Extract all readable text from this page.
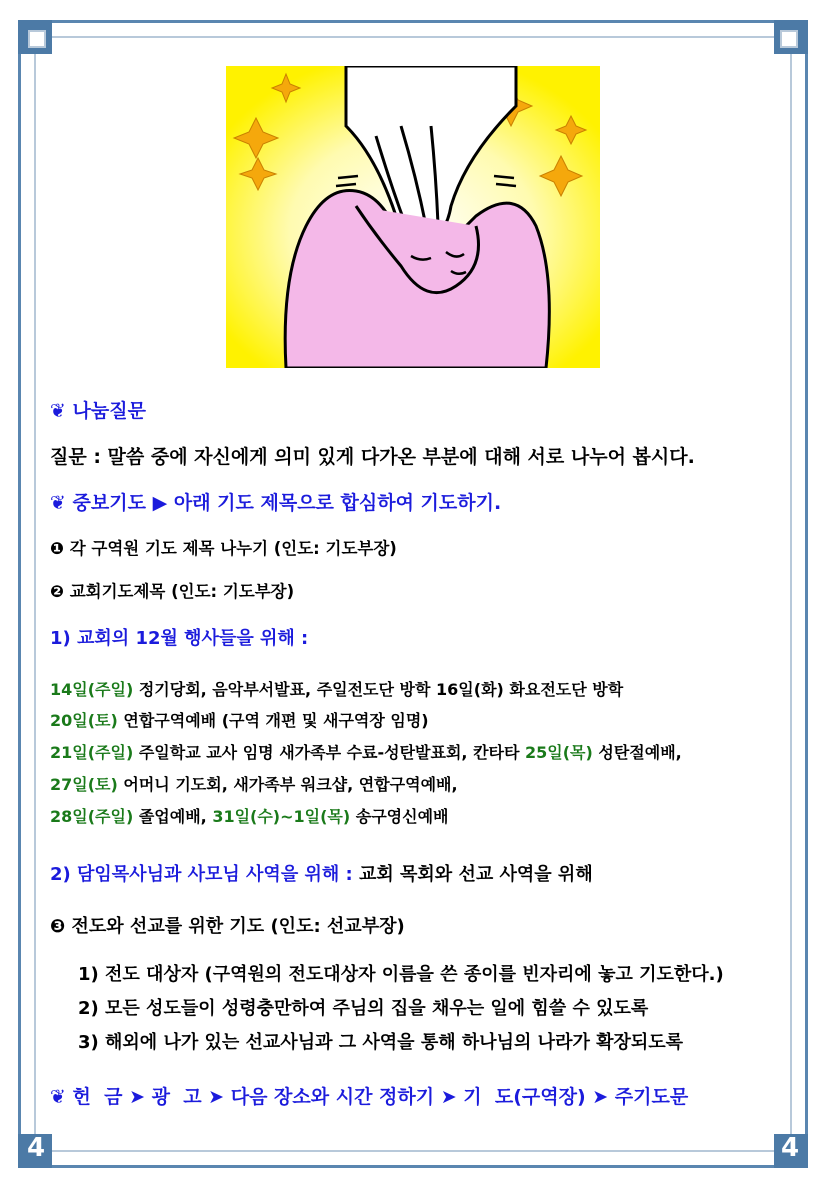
4	4
❦ 나눔질문
질문 : 말씀 중에 자신에게 의미 있게 다가온 부분에 대해 서로 나누어 봅시다.
❦ 중보기도 ▶ 아래 기도 제목으로 합심하여 기도하기.
❶ 각 구역원 기도 제목 나누기 (인도: 기도부장)
❷ 교회기도제목 (인도: 기도부장)
1) 교회의 12월 행사들을 위해 :
14일(주일) 정기당회, 음악부서발표, 주일전도단 방학 16일(화) 화요전도단 방학
20일(토) 연합구역예배 (구역 개편 및 새구역장 임명)
21일(주일) 주일학교 교사 임명 새가족부 수료-성탄발표회, 칸타타 25일(목) 성탄절예배,
27일(토) 어머니 기도회, 새가족부 워크샵, 연합구역예배,
28일(주일) 졸업예배, 31일(수)~1일(목) 송구영신예배
2) 담임목사님과 사모님 사역을 위해 : 교회 목회와 선교 사역을 위해
❸ 전도와 선교를 위한 기도 (인도: 선교부장)
1) 전도 대상자 (구역원의 전도대상자 이름을 쓴 종이를 빈자리에 놓고 기도한다.)
2) 모든 성도들이 성령충만하여 주님의 집을 채우는 일에 힘쓸 수 있도록
3) 해외에 나가 있는 선교사님과 그 사역을 통해 하나님의 나라가 확장되도록
❦ 헌  금 ➤ 광  고 ➤ 다음 장소와 시간 정하기 ➤ 기  도(구역장) ➤ 주기도문
